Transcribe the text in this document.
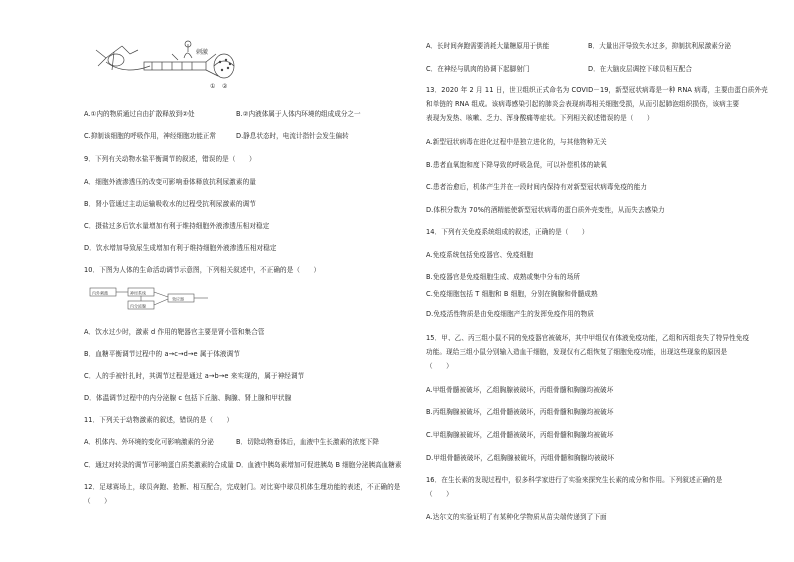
刺激
① ②
A.①内的物质通过自由扩散释放到②处	B.②内液体属于人体内环境的组成成分之一
C.抑制该细胞的呼吸作用，神经细胞功能正常	D.静息状态时，电流计指针会发生偏转
9．下列有关动物水盐平衡调节的叙述，错误的是（　　）
A．细胞外液渗透压的改变可影响垂体释放抗利尿激素的量
B．肾小管通过主动运输吸收水的过程受抗利尿激素的调节
C．摄盐过多后饮水量增加有利于维持细胞外液渗透压相对稳定
D．饮水增加导致尿生成增加有利于维持细胞外液渗透压相对稳定
10．下图为人体的生命活动调节示意图，下列相关叙述中，不正确的是（　　）
内外刺激	神经系统
内分泌腺
效应器
A．饮水过少时，激素 d 作用的靶器官主要是肾小管和集合管
B．血糖平衡调节过程中的 a→c→d→e 属于体液调节
C．人的手被针扎时，其调节过程是通过 a→b→e 来实现的，属于神经调节
D．体温调节过程中的内分泌腺 c 包括下丘脑、胸腺、肾上腺和甲状腺
11．下列关于动物激素的叙述，错误的是（　　）
A．机体内、外环境的变化可影响激素的分泌	B．切除动物垂体后，血液中生长激素的浓度下降
C．通过对转录的调节可影响蛋白质类激素的合成量 D．血液中胰岛素增加可促进胰岛 B 细胞分泌胰高血糖素
12．足球赛场上，球员奔跑、抢断、相互配合，完成射门。对比赛中球员机体生理功能的表述，不正确的是
（　　）
A．长时间奔跑需要消耗大量糖原用于供能	B．大量出汗导致失水过多，抑制抗利尿激素分泌
C．在神经与肌肉的协调下起脚射门	D．在大脑皮层调控下球员相互配合
13．2020 年 2 月 11 日，世卫组织正式命名为 COVID－19，新型冠状病毒是一种 RNA 病毒，主要由蛋白质外壳
和单链的 RNA 组成。该病毒感染引起的肺炎会表现病毒相关细胞受损，从而引起肺泡组织损伤，该病主要
表现为发热、咳嗽、乏力、浑身酸痛等症状。下列相关叙述错误的是（　　）
A.新型冠状病毒在进化过程中是独立进化的，与其他物种无关
B.患者血氧饱和度下降导致的呼吸急促，可以补偿机体的缺氧
C.患者治愈后，机体产生并在一段时间内保持有对新型冠状病毒免疫的能力
D.体积分数为 70%的酒精能使新型冠状病毒的蛋白质外壳变性，从而失去感染力
14．下列有关免疫系统组成的叙述，正确的是（　　）
A.免疫系统包括免疫器官、免疫细胞
B.免疫器官是免疫细胞生成、成熟或集中分布的场所
C.免疫细胞包括 T 细胞和 B 细胞，分别在胸腺和骨髓成熟
D.免疫活性物质是由免疫细胞产生的发挥免疫作用的物质
15．甲、乙、丙三组小鼠不同的免疫器官被破坏，其中甲组仅有体液免疫功能，乙组和丙组丧失了特异性免疫
功能。现给三组小鼠分别输入造血干细胞，发现仅有乙组恢复了细胞免疫功能，出现这些现象的原因是
（　　）
A.甲组骨髓被破坏，乙组胸腺被破坏，丙组骨髓和胸腺均被破坏
B.丙组胸腺被破坏，乙组骨髓被破坏，丙组骨髓和胸腺均被破坏
C.甲组胸腺被破坏，乙组骨髓被破坏，丙组骨髓和胸腺均被破坏
D.甲组骨髓被破坏，乙组胸腺被破坏，丙组骨髓和胸腺均被破坏
16．在生长素的发现过程中，很多科学家进行了实验来探究生长素的成分和作用。下列叙述正确的是
（　　）
A.达尔文的实验证明了有某种化学物质从苗尖端传递到了下面
